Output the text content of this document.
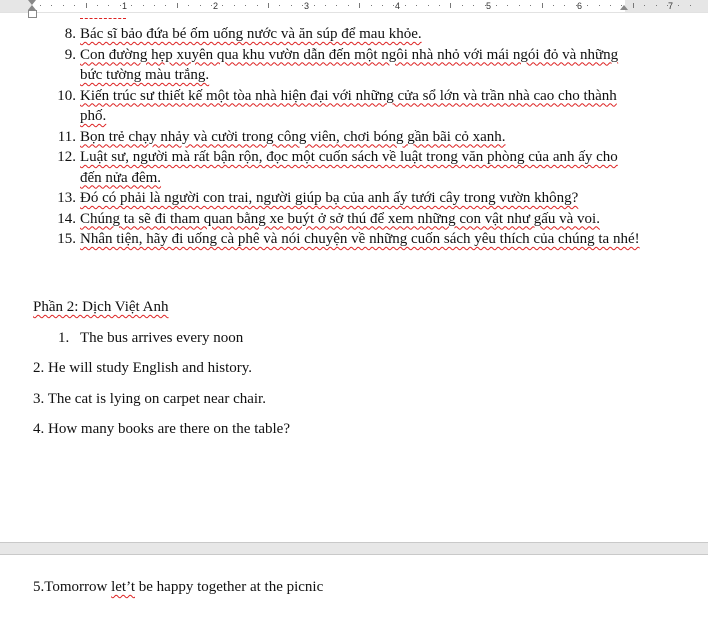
1	2	3	4	5	6	7
8. Bác sĩ bảo đứa bé ốm uống nước và ăn súp để mau khỏe.
9. Con đường hẹp xuyên qua khu vườn dẫn đến một ngôi nhà nhỏ với mái ngói đỏ và những bức tường màu trắng.
10. Kiến trúc sư thiết kế một tòa nhà hiện đại với những cửa sổ lớn và trần nhà cao cho thành phố.
11. Bọn trẻ chạy nhảy và cười trong công viên, chơi bóng gần bãi cỏ xanh.
12. Luật sư, người mà rất bận rộn, đọc một cuốn sách về luật trong văn phòng của anh ấy cho đến nửa đêm.
13. Đó có phải là người con trai, người giúp bạ của anh ấy tưới cây trong vườn không?
14. Chúng ta sẽ đi tham quan bằng xe buýt ở sở thú để xem những con vật như gấu và voi.
15. Nhân tiện, hãy đi uống cà phê và nói chuyện về những cuốn sách yêu thích của chúng ta nhé!
Phần 2: Dịch Việt Anh
1. The bus arrives every noon
2. He will study English and history.
3. The cat is lying on carpet near chair.
4. How many books are there on the table?
5.Tomorrow let’t be happy together at the picnic
